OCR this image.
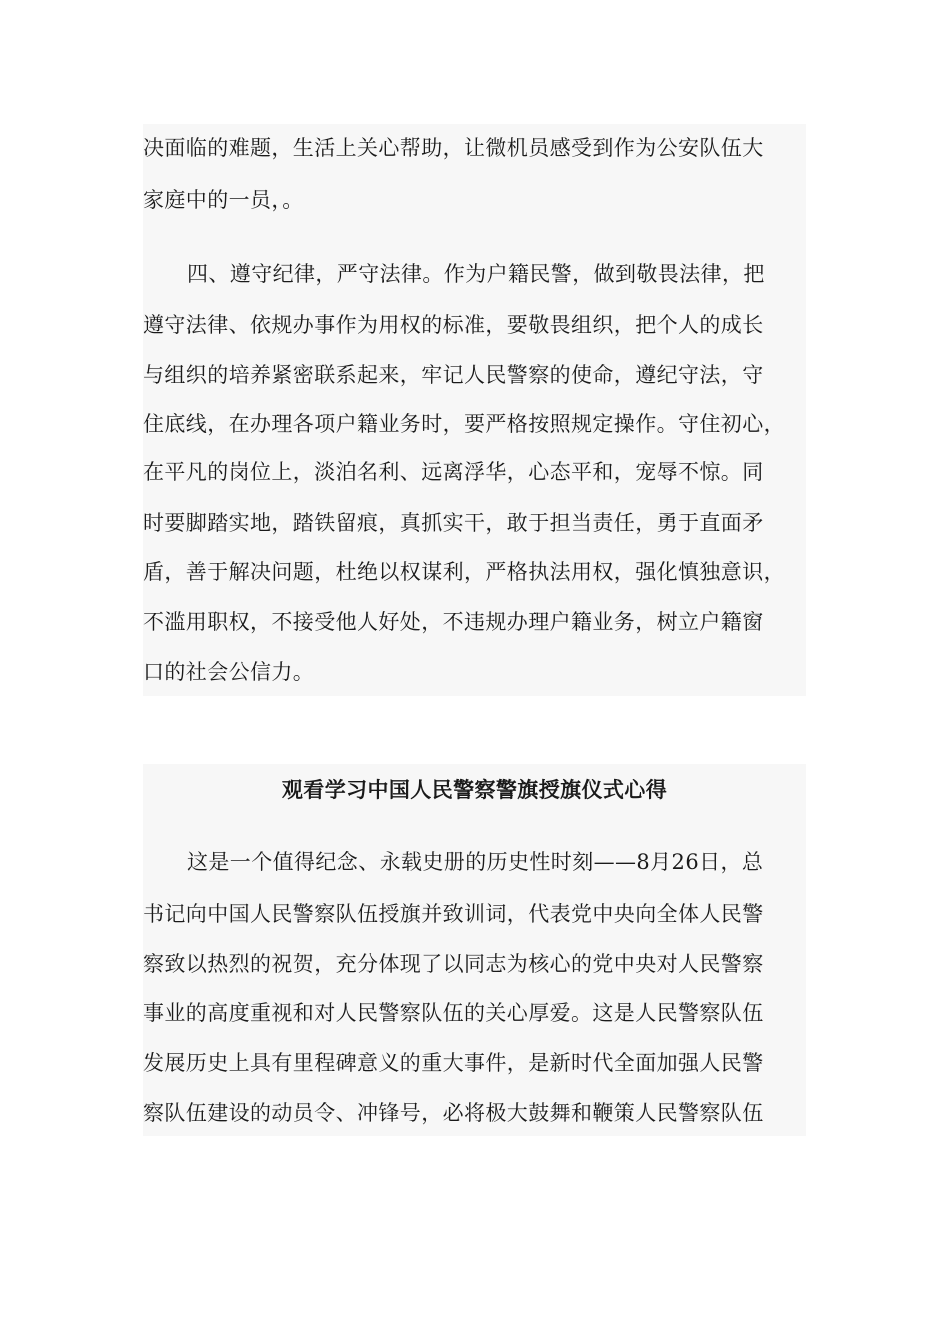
决面临的难题，生活上关心帮助，让微机员感受到作为公安队伍大
家庭中的一员，。
四、遵守纪律，严守法律。作为户籍民警，做到敬畏法律，把
遵守法律、依规办事作为用权的标准，要敬畏组织，把个人的成长
与组织的培养紧密联系起来，牢记人民警察的使命，遵纪守法，守
住底线，在办理各项户籍业务时，要严格按照规定操作。守住初心，
在平凡的岗位上，淡泊名利、远离浮华，心态平和，宠辱不惊。同
时要脚踏实地，踏铁留痕，真抓实干，敢于担当责任，勇于直面矛
盾，善于解决问题，杜绝以权谋利，严格执法用权，强化慎独意识，
不滥用职权，不接受他人好处，不违规办理户籍业务，树立户籍窗
口的社会公信力。
观看学习中国人民警察警旗授旗仪式心得
这是一个值得纪念、永载史册的历史性时刻——8月26日，总
书记向中国人民警察队伍授旗并致训词，代表党中央向全体人民警
察致以热烈的祝贺，充分体现了以同志为核心的党中央对人民警察
事业的高度重视和对人民警察队伍的关心厚爱。这是人民警察队伍
发展历史上具有里程碑意义的重大事件，是新时代全面加强人民警
察队伍建设的动员令、冲锋号，必将极大鼓舞和鞭策人民警察队伍
